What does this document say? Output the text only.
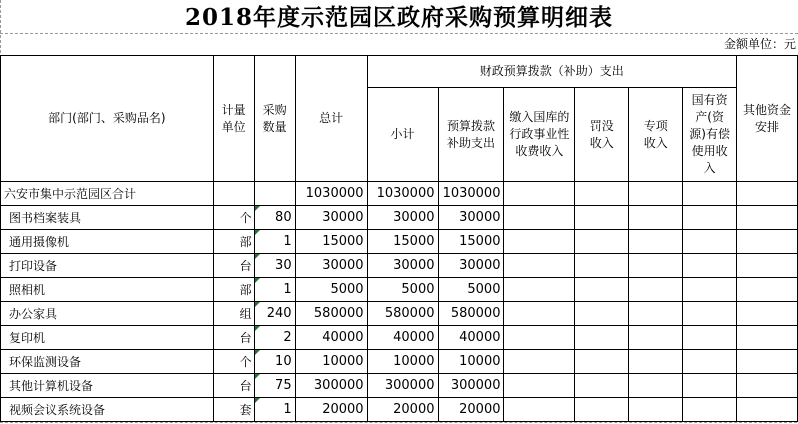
2018年度示范园区政府采购预算明细表
金额单位：元
部门(部门、采购品名)	计量单位	采购数量	总计	财政预算拨款（补助）支出						其他资金安排
				小计	预算拨款补助支出	缴入国库的行政事业性收费收入	罚没收入	专项收入	国有资产(资源)有偿使用收入	
六安市集中示范园区合计			1030000	1030000	1030000					
图书档案装具	个	80	30000	30000	30000					
通用摄像机	部	1	15000	15000	15000					
打印设备	台	30	30000	30000	30000					
照相机	部	1	5000	5000	5000					
办公家具	组	240	580000	580000	580000					
复印机	台	2	40000	40000	40000					
环保监测设备	个	10	10000	10000	10000					
其他计算机设备	台	75	300000	300000	300000					
视频会议系统设备	套	1	20000	20000	20000					
